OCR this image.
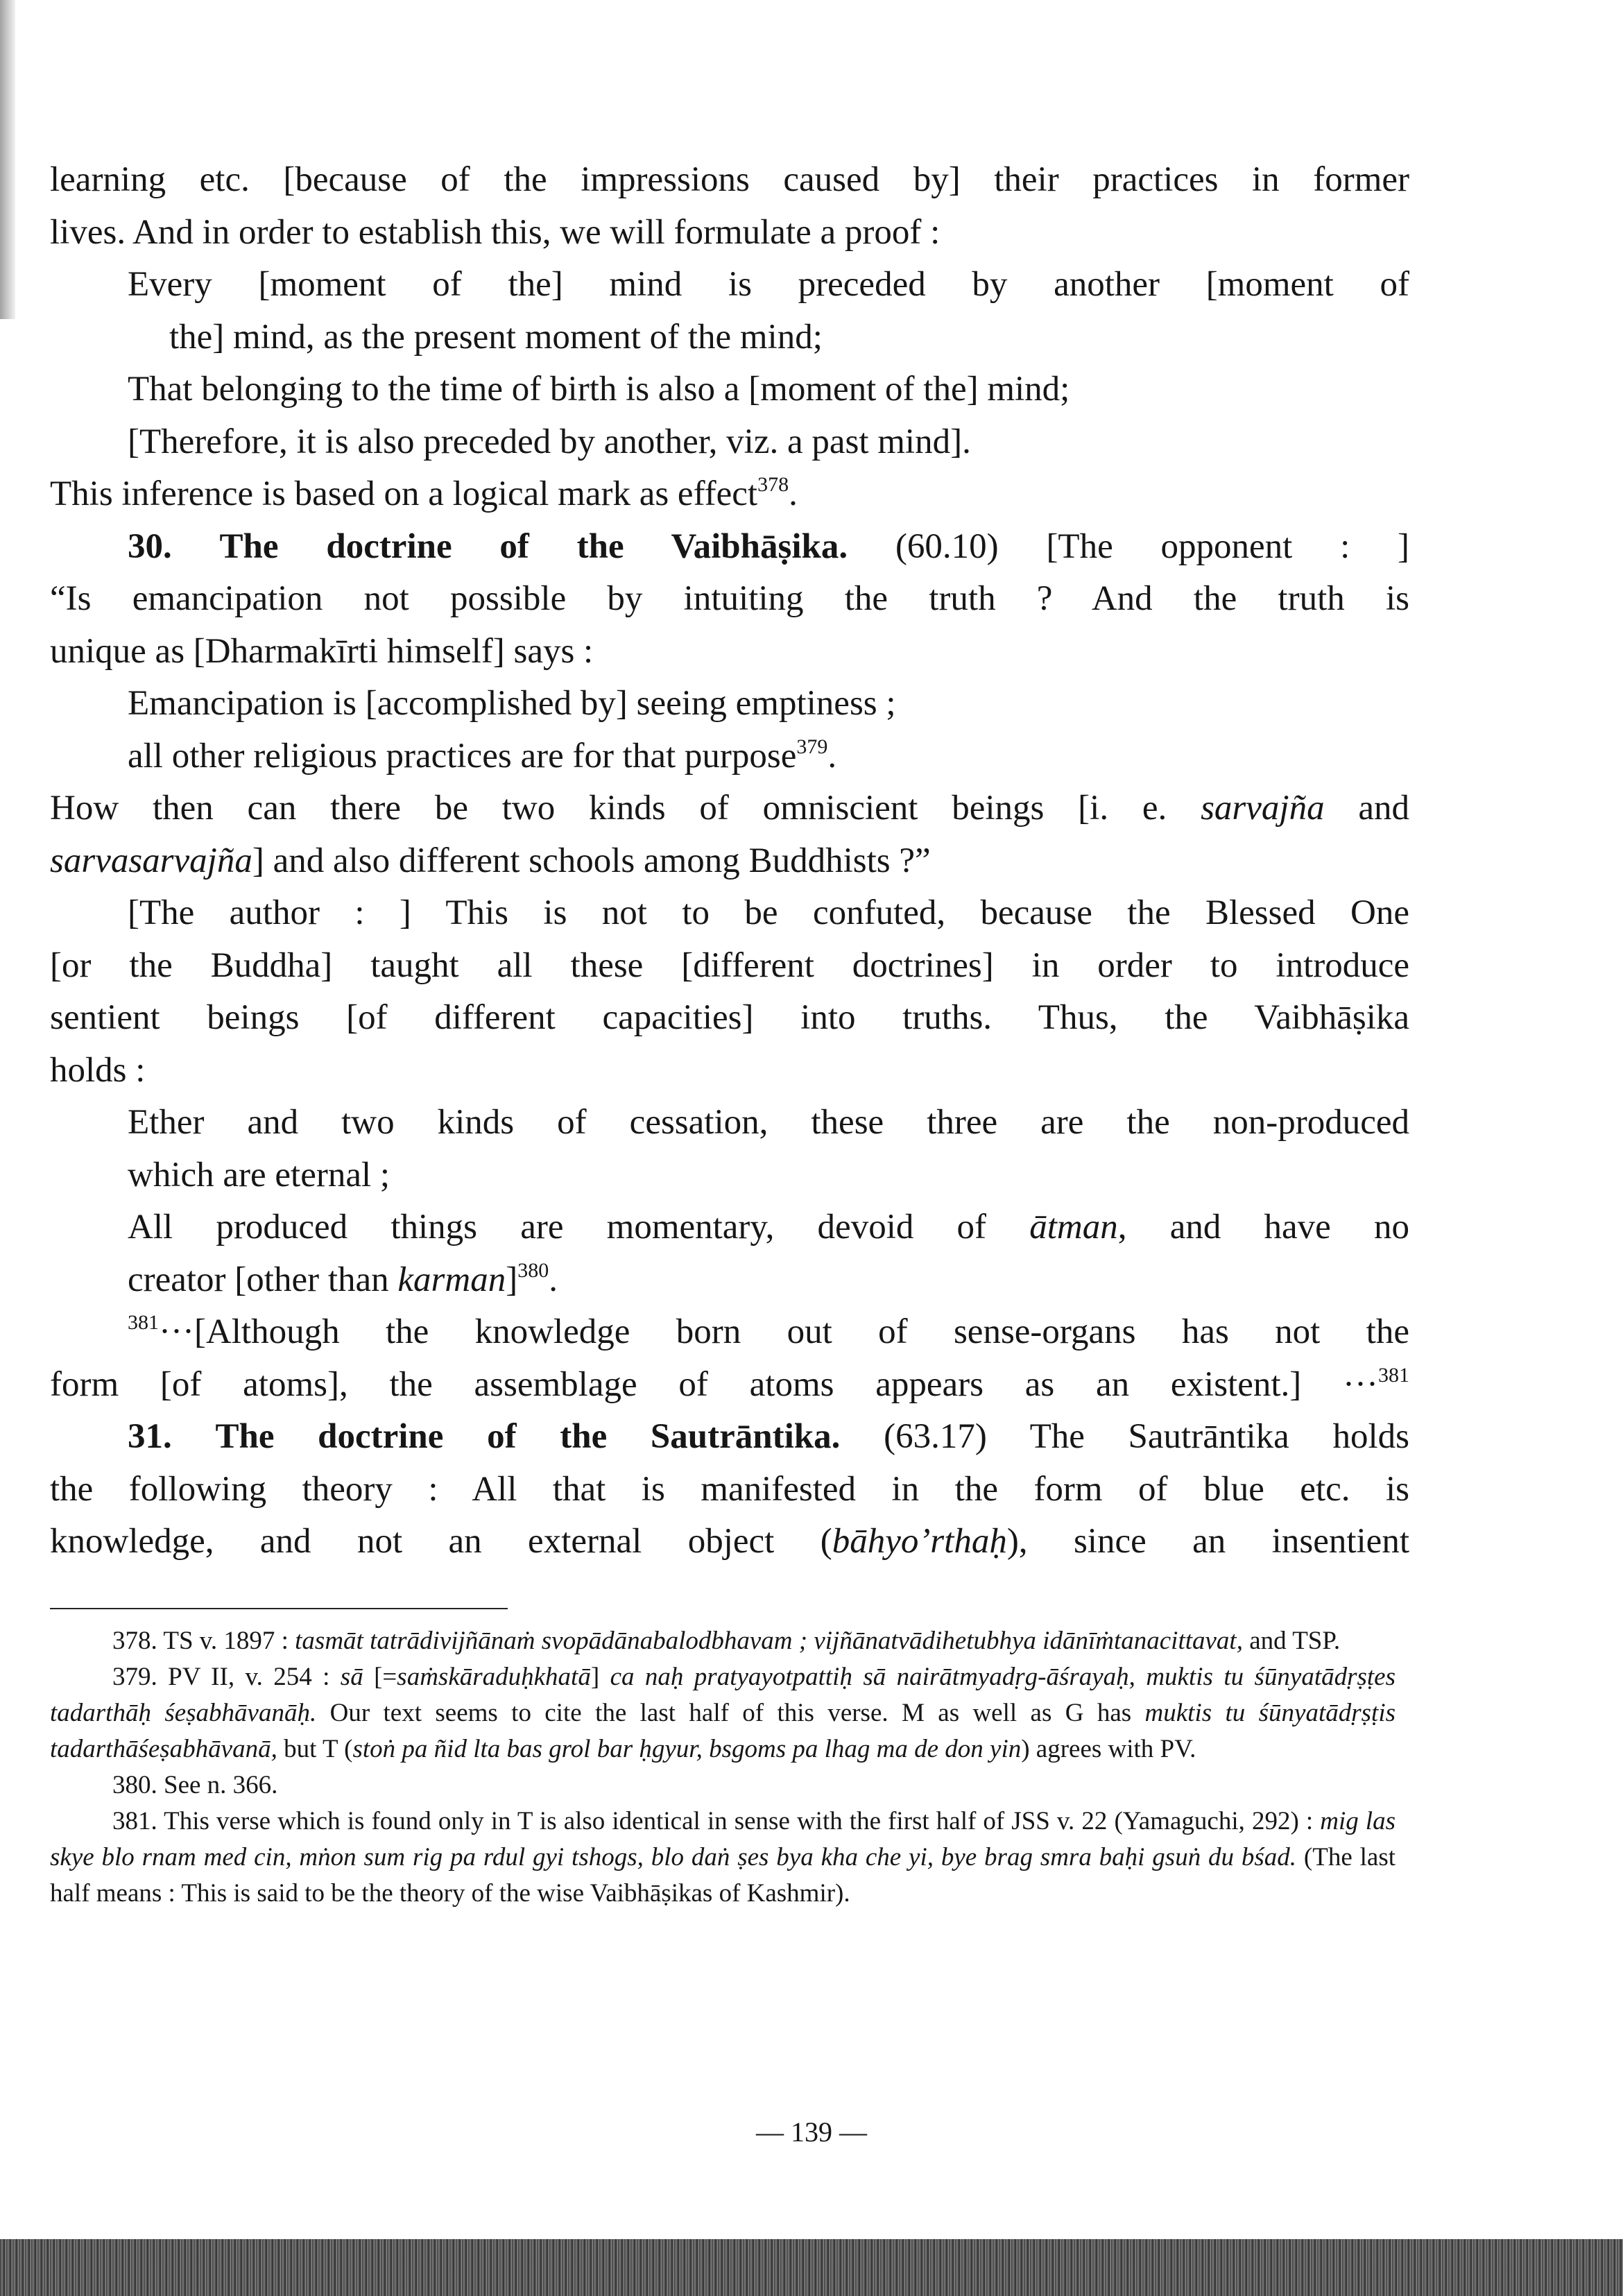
learning etc. [because of the impressions caused by] their practices in former

lives. And in order to establish this, we will formulate a proof :

Every [moment of the] mind is preceded by another [moment of

the] mind, as the present moment of the mind;

That belonging to the time of birth is also a [moment of the] mind;

[Therefore, it is also preceded by another, viz. a past mind].

This inference is based on a logical mark as effect$^{378}$.

30. The doctrine of the Vaibhāṣika. (60.10) [The opponent : ]

“Is emancipation not possible by intuiting the truth ? And the truth is

unique as [Dharmakīrti himself] says :

Emancipation is [accomplished by] seeing emptiness ;

all other religious practices are for that purpose$^{379}$.

How then can there be two kinds of omniscient beings [i. e. sarvajña and

sarvasarvajña] and also different schools among Buddhists ?”

[The author : ] This is not to be confuted, because the Blessed One

[or the Buddha] taught all these [different doctrines] in order to introduce

sentient beings [of different capacities] into truths. Thus, the Vaibhāṣika

holds :

Ether and two kinds of cessation, these three are the non-produced

which are eternal ;

All produced things are momentary, devoid of ātman, and have no

creator [other than karman]$^{380}$.

$^{381}$···[Although the knowledge born out of sense-organs has not the

form [of atoms], the assemblage of atoms appears as an existent.] ···$^{381}$

31. The doctrine of the Sautrāntika. (63.17) The Sautrāntika holds

the following theory : All that is manifested in the form of blue etc. is

knowledge, and not an external object (bāhyo’rthaḥ), since an insentient

378. TS v. 1897 : tasmāt tatrādivijñānaṁ svopādānabalodbhavam ; vijñānatvādihetubhya idānīṁtanacittavat, and TSP.

379. PV II, v. 254 : sā [=saṁskāraduḥkhatā] ca naḥ pratyayotpattiḥ sā nairātmyadṛg-āśrayaḥ, muktis tu śūnyatādṛṣṭes tadarthāḥ śeṣabhāvanāḥ. Our text seems to cite the last half of this verse. M as well as G has muktis tu śūnyatādṛṣṭis tadarthāśeṣabhāvanā, but T (stoṅ pa ñid lta bas grol bar ḥgyur, bsgoms pa lhag ma de don yin) agrees with PV.

380. See n. 366.

381. This verse which is found only in T is also identical in sense with the first half of JSS v. 22 (Yamaguchi, 292) : mig las skye blo rnam med cin, mṅon sum rig pa rdul gyi tshogs, blo daṅ ṣes bya kha che yi, bye brag smra baḥi gsuṅ du bśad. (The last half means : This is said to be the theory of the wise Vaibhāṣikas of Kashmir).

— 139 —
